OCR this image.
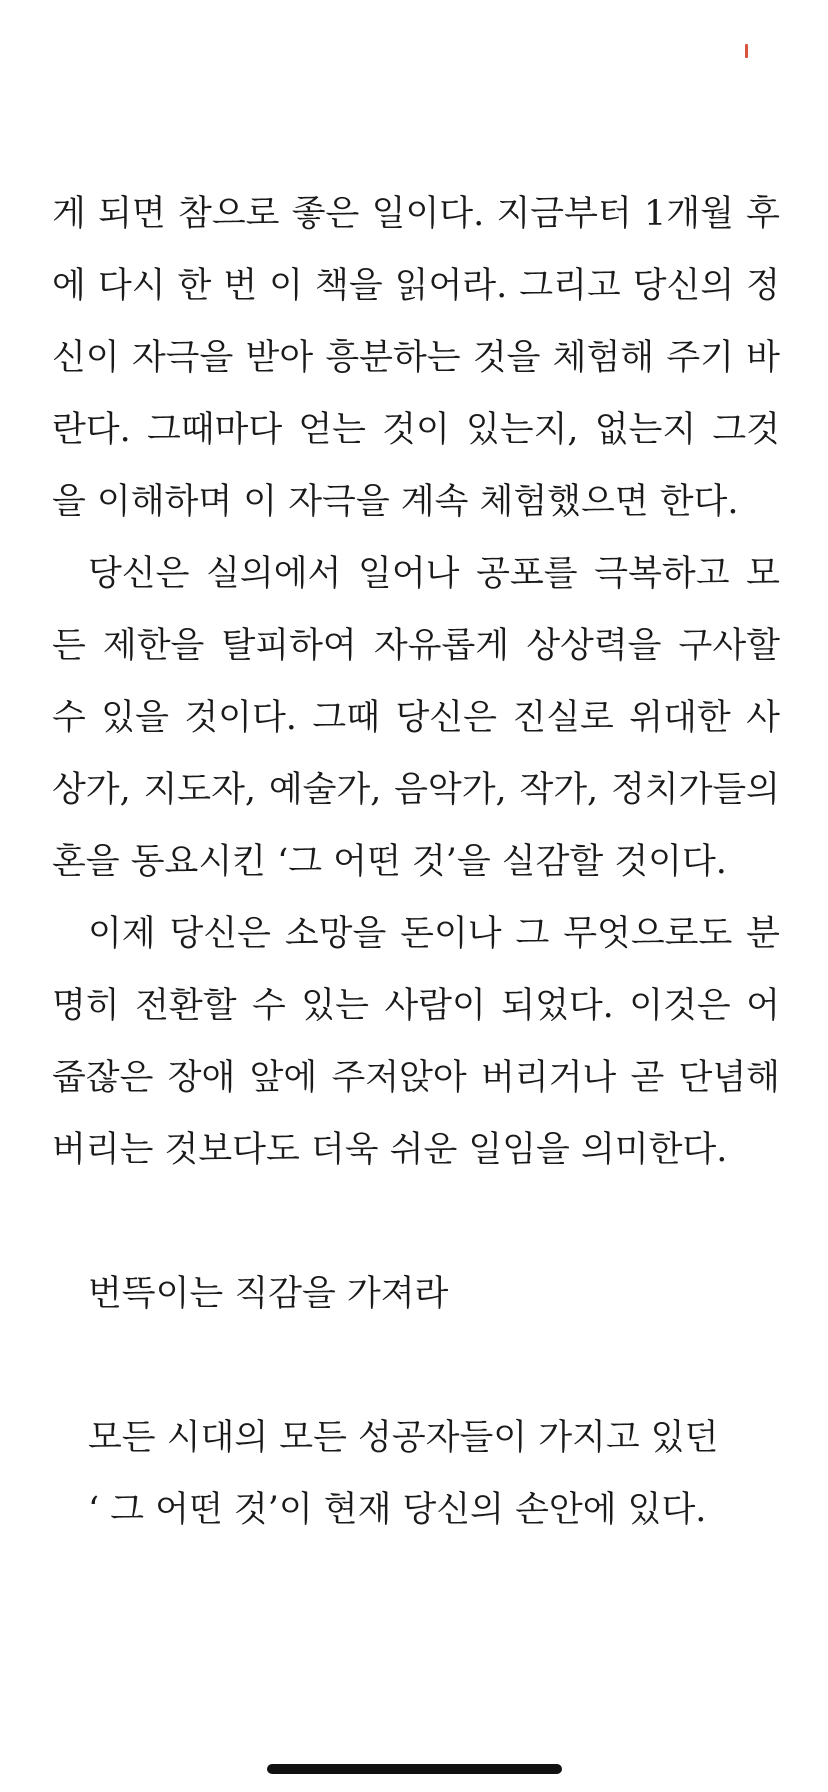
게 되면 참으로 좋은 일이다. 지금부터 1개월 후
에 다시 한 번 이 책을 읽어라. 그리고 당신의 정
신이 자극을 받아 흥분하는 것을 체험해 주기 바
란다. 그때마다 얻는 것이 있는지, 없는지 그것
을 이해하며 이 자극을 계속 체험했으면 한다.
당신은 실의에서 일어나 공포를 극복하고 모
든 제한을 탈피하여 자유롭게 상상력을 구사할
수 있을 것이다. 그때 당신은 진실로 위대한 사
상가, 지도자, 예술가, 음악가, 작가, 정치가들의
혼을 동요시킨 ‘그 어떤 것’을 실감할 것이다.
이제 당신은 소망을 돈이나 그 무엇으로도 분
명히 전환할 수 있는 사람이 되었다. 이것은 어
줍잖은 장애 앞에 주저앉아 버리거나 곧 단념해
버리는 것보다도 더욱 쉬운 일임을 의미한다.
번뜩이는 직감을 가져라
모든 시대의 모든 성공자들이 가지고 있던
‘ 그 어떤 것’이 현재 당신의 손안에 있다.
